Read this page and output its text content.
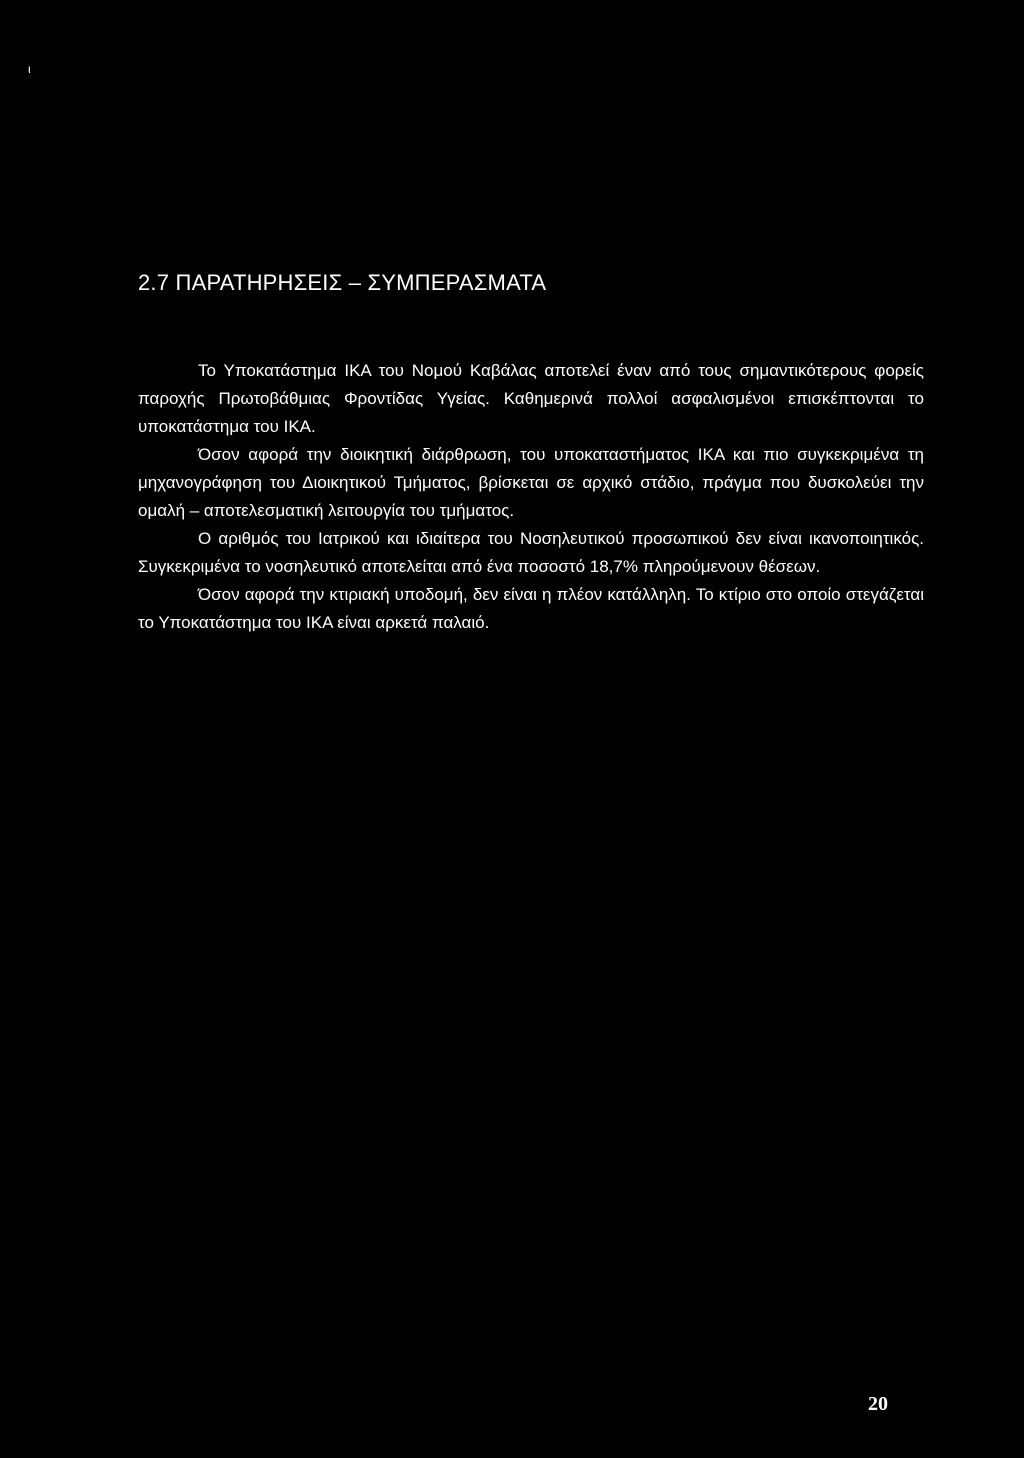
ι
2.7 ΠΑΡΑΤΗΡΗΣΕΙΣ – ΣΥΜΠΕΡΑΣΜΑΤΑ

Το Υποκατάστημα ΙΚΑ του Νομού Καβάλας αποτελεί έναν από τους σημαντικότερους φορείς παροχής Πρωτοβάθμιας Φροντίδας Υγείας. Καθημερινά πολλοί ασφαλισμένοι επισκέπτονται το υποκατάστημα του ΙΚΑ.

Όσον αφορά την διοικητική διάρθρωση, του υποκαταστήματος ΙΚΑ και πιο συγκεκριμένα τη μηχανογράφηση του Διοικητικού Τμήματος, βρίσκεται σε αρχικό στάδιο, πράγμα που δυσκολεύει την ομαλή – αποτελεσματική λειτουργία του τμήματος.

Ο αριθμός του Ιατρικού και ιδιαίτερα του Νοσηλευτικού προσωπικού δεν είναι ικανοποιητικός. Συγκεκριμένα το νοσηλευτικό αποτελείται από ένα ποσοστό 18,7% πληρούμενουν θέσεων.

Όσον αφορά την κτιριακή υποδομή, δεν είναι η πλέον κατάλληλη. Το κτίριο στο οποίο στεγάζεται το Υποκατάστημα του ΙΚΑ είναι αρκετά παλαιό.

20
